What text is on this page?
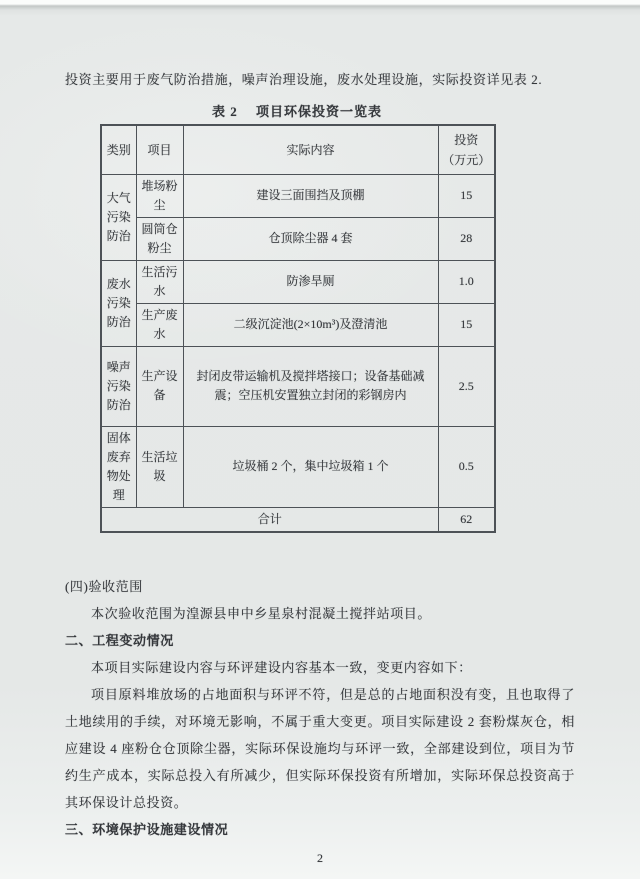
投资主要用于废气防治措施，噪声治理设施，废水处理设施，实际投资详见表 2.

表 2　 项目环保投资一览表
类别	项目	实际内容	投资
（万元）

大气污染防治	堆场粉尘	建设三面围挡及顶棚	15
	圆筒仓粉尘	仓顶除尘器 4 套	28
废水污染防治	生活污水	防渗旱厕	1.0
	生产废水	二级沉淀池(2×10m³)及澄清池	15
噪声污染防治	生产设备	封闭皮带运输机及搅拌塔接口；设备基础减震；空压机安置独立封闭的彩钢房内	2.5
固体废弃物处理	生活垃圾	垃圾桶 2 个，集中垃圾箱 1 个	0.5
合计			62

(四)验收范围

本次验收范围为湟源县申中乡星泉村混凝土搅拌站项目。

二、工程变动情况

本项目实际建设内容与环评建设内容基本一致，变更内容如下：

项目原料堆放场的占地面积与环评不符，但是总的占地面积没有变，且也取得了土地续用的手续，对环境无影响，不属于重大变更。项目实际建设 2 套粉煤灰仓，相应建设 4 座粉仓仓顶除尘器，实际环保设施均与环评一致，全部建设到位，项目为节约生产成本，实际总投入有所减少，但实际环保投资有所增加，实际环保总投资高于其环保设计总投资。

三、环境保护设施建设情况

2
